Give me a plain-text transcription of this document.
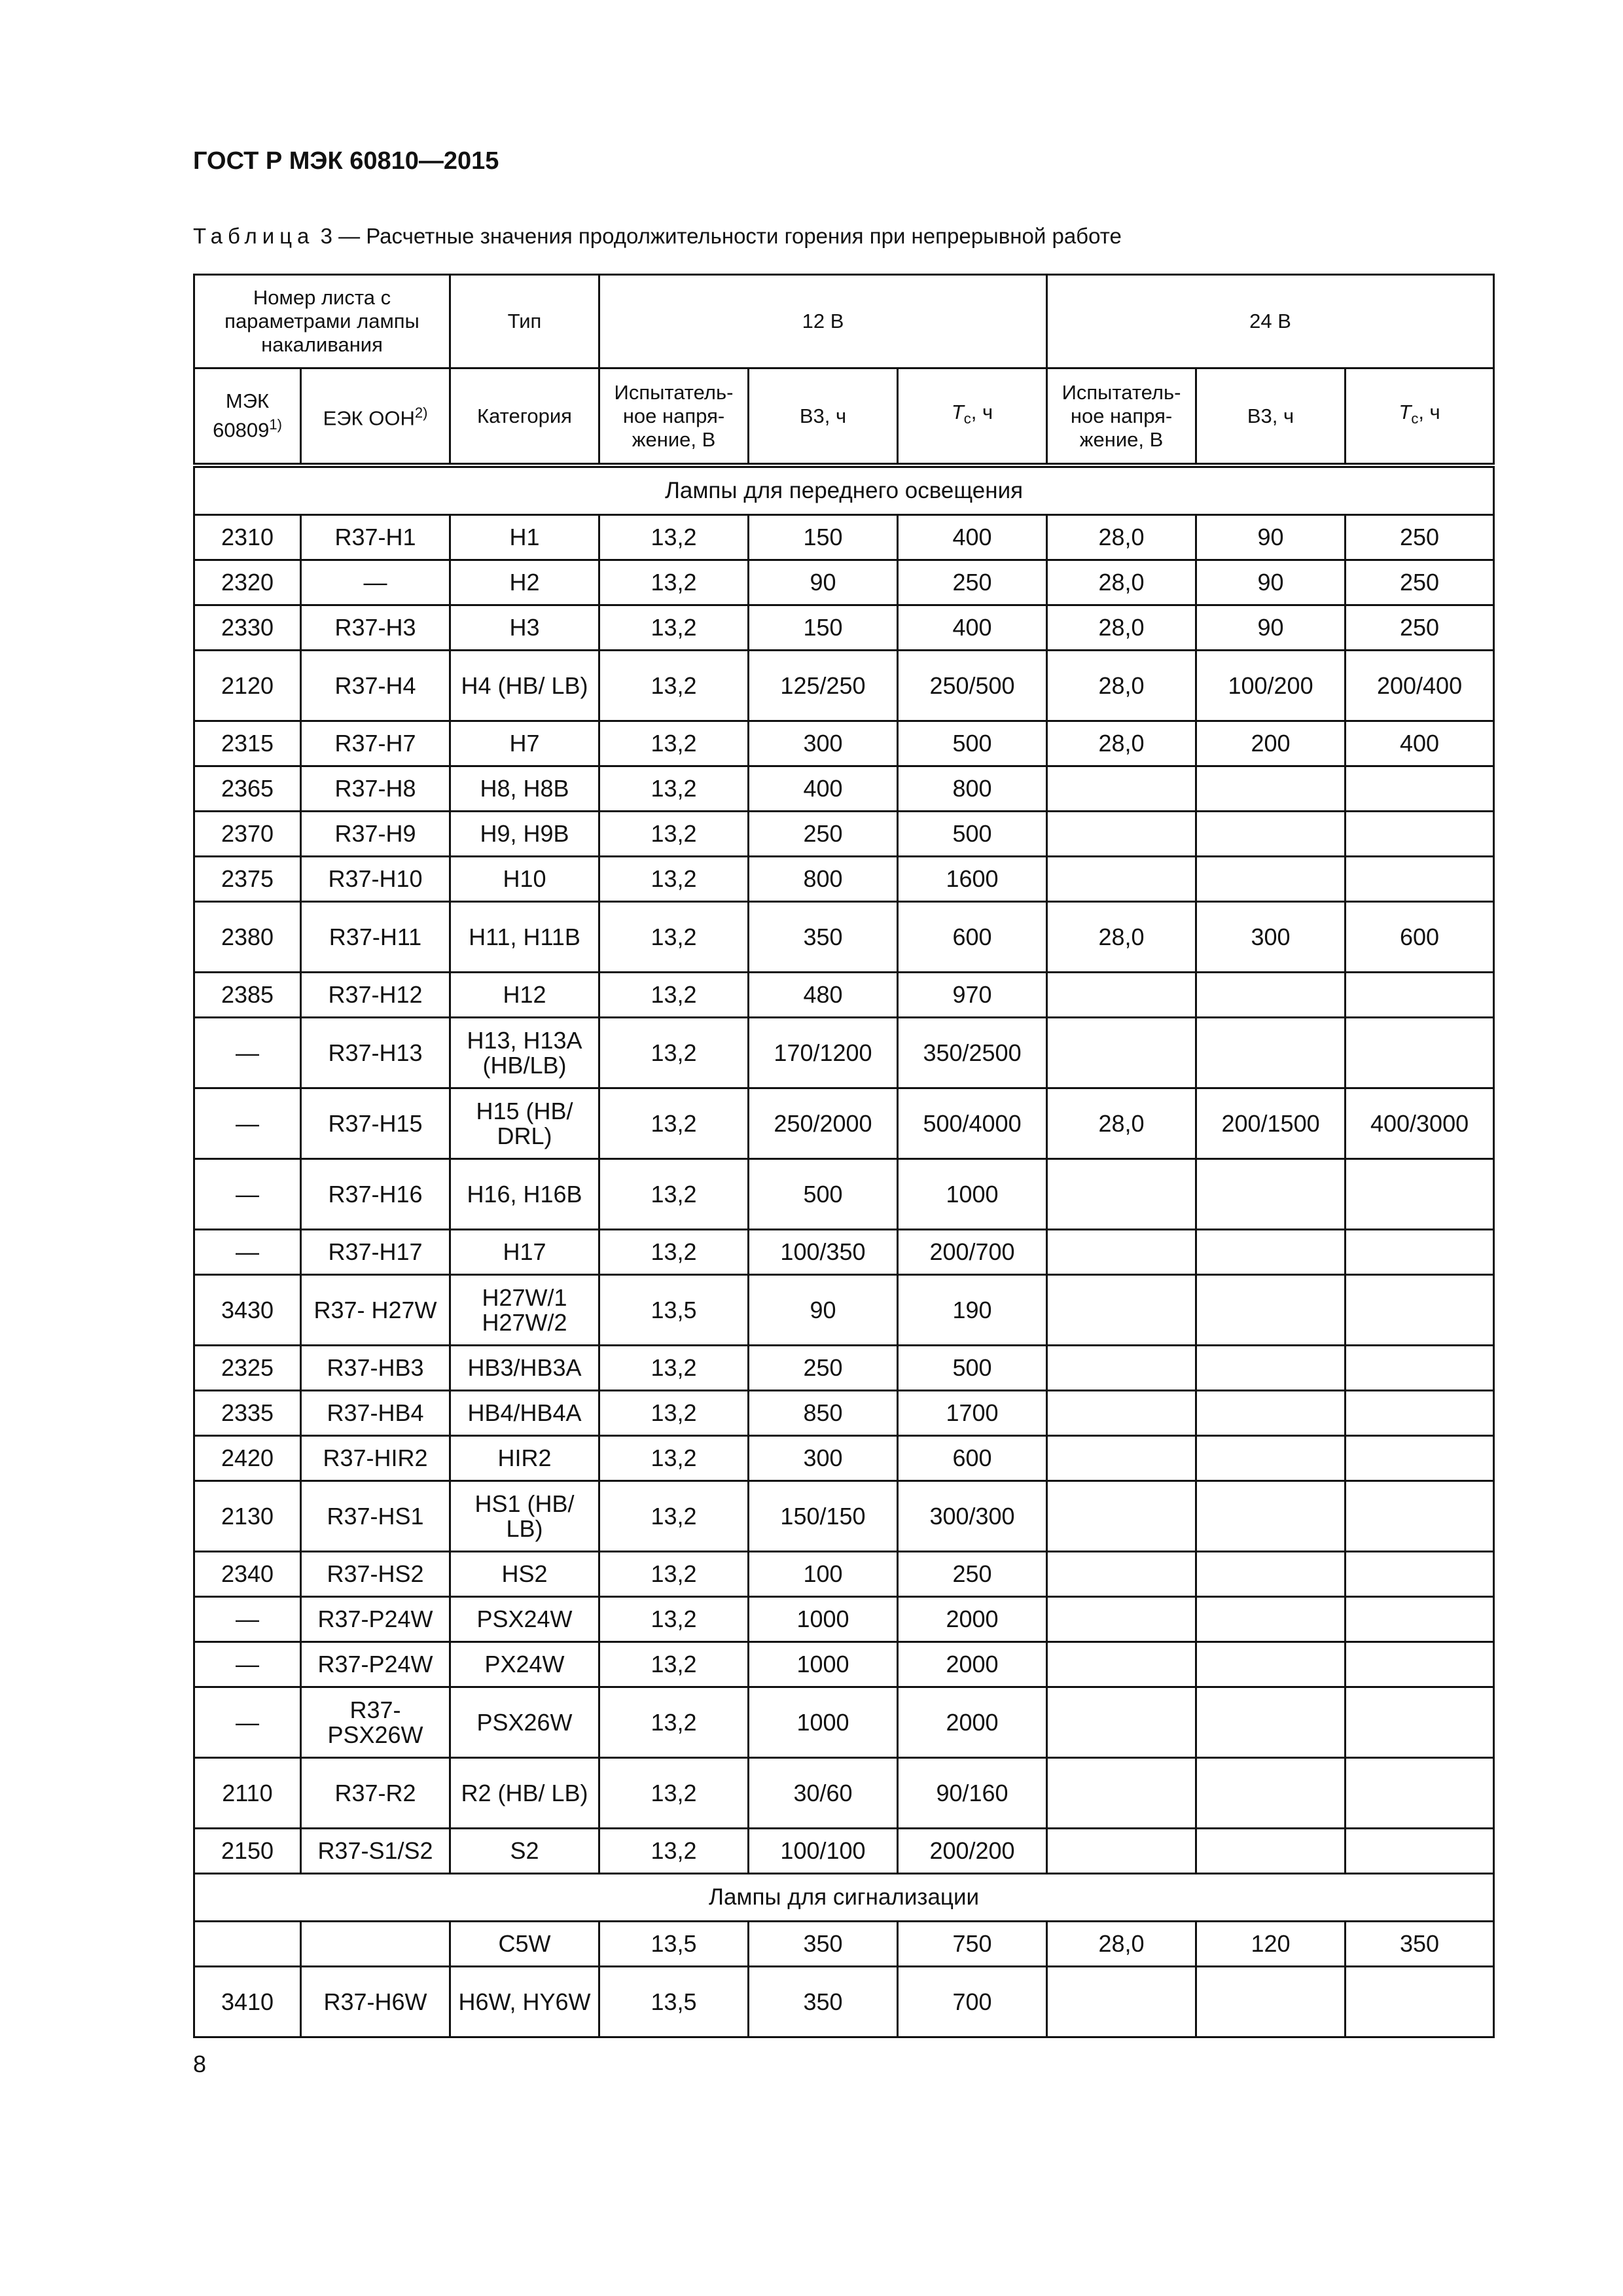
ГОСТ Р МЭК 60810—2015
Таблица 3 — Расчетные значения продолжительности горения при непрерывной работе
Номер листа с параметрами лампы накаливания		Тип	12 В			24 В		
МЭК 60809$^{1)}$	ЕЭК ООН$^{2)}$	Категория	Испытатель-ное напря-жение, В	В3, ч	$T_с$, ч	Испытатель-ное напря-жение, В	В3, ч	$T_с$, ч
Лампы для переднего освещения								
2310	R37-H1	H1	13,2	150	400	28,0	90	250
2320	—	H2	13,2	90	250	28,0	90	250
2330	R37-H3	H3	13,2	150	400	28,0	90	250
2120	R37-H4	H4 (HB/ LB)	13,2	125/250	250/500	28,0	100/200	200/400
2315	R37-H7	H7	13,2	300	500	28,0	200	400
2365	R37-H8	H8, H8B	13,2	400	800			
2370	R37-H9	H9, H9B	13,2	250	500			
2375	R37-H10	H10	13,2	800	1600			
2380	R37-H11	H11, H11B	13,2	350	600	28,0	300	600
2385	R37-H12	H12	13,2	480	970			
—	R37-H13	H13, H13A (HB/LB)	13,2	170/1200	350/2500			
—	R37-H15	H15 (HB/ DRL)	13,2	250/2000	500/4000	28,0	200/1500	400/3000
—	R37-H16	H16, H16B	13,2	500	1000			
—	R37-H17	H17	13,2	100/350	200/700			
3430	R37- H27W	H27W/1 H27W/2	13,5	90	190			
2325	R37-HB3	HB3/HB3A	13,2	250	500			
2335	R37-HB4	HB4/HB4A	13,2	850	1700			
2420	R37-HIR2	HIR2	13,2	300	600			
2130	R37-HS1	HS1 (HB/ LB)	13,2	150/150	300/300			
2340	R37-HS2	HS2	13,2	100	250			
—	R37-P24W	PSX24W	13,2	1000	2000			
—	R37-P24W	PX24W	13,2	1000	2000			
—	R37- PSX26W	PSX26W	13,2	1000	2000			
2110	R37-R2	R2 (HB/ LB)	13,2	30/60	90/160			
2150	R37-S1/S2	S2	13,2	100/100	200/200			
Лампы для сигнализации								
		C5W	13,5	350	750	28,0	120	350
3410	R37-H6W	H6W, HY6W	13,5	350	700			
8
